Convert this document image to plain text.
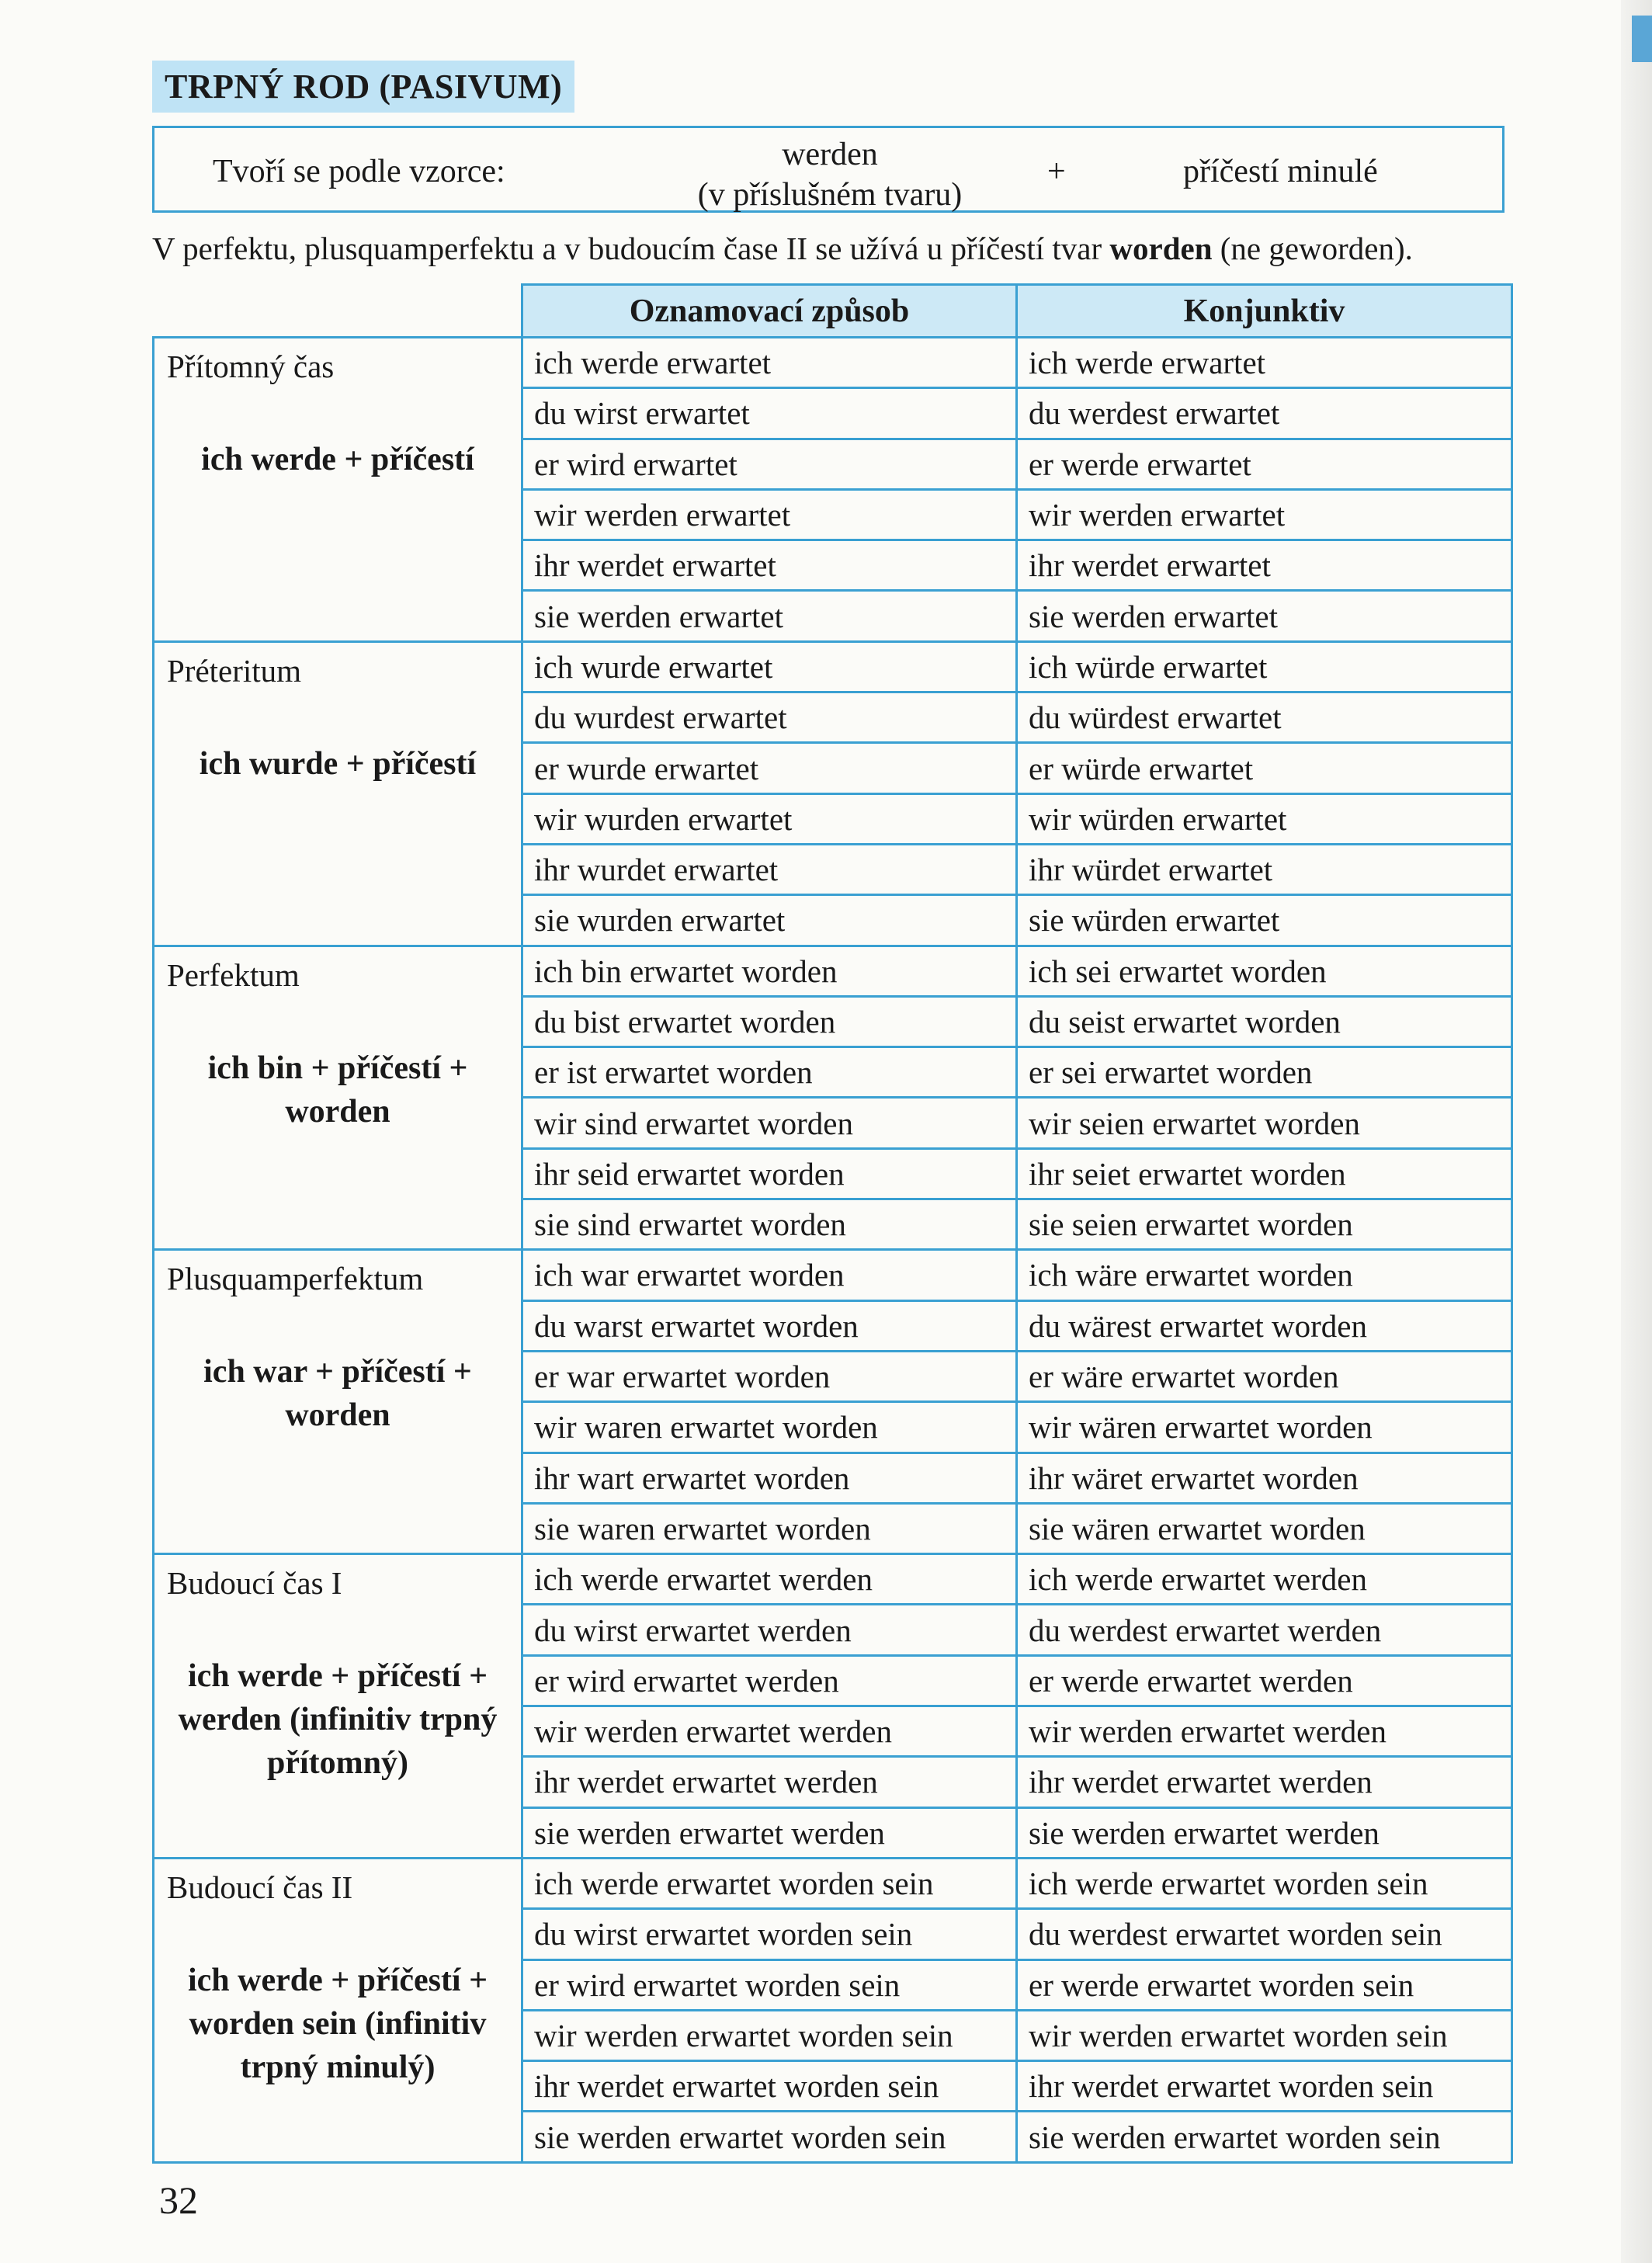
TRPNÝ ROD (PASIVUM)
Tvoří se podle vzorce:	werden
(v příslušném tvaru)
+	příčestí minulé
V perfektu, plusquamperfektu a v budoucím čase II se užívá u příčestí tvar worden (ne geworden).
	Oznamovací způsob	Konjunktiv

Přítomný čas
ich werde + příčestí	ich werde erwartet	ich werde erwartet
	du wirst erwartet	du werdest erwartet
	er wird erwartet	er werde erwartet
	wir werden erwartet	wir werden erwartet
	ihr werdet erwartet	ihr werdet erwartet
	sie werden erwartet	sie werden erwartet

Préteritum
ich wurde + příčestí	ich wurde erwartet	ich würde erwartet
	du wurdest erwartet	du würdest erwartet
	er wurde erwartet	er würde erwartet
	wir wurden erwartet	wir würden erwartet
	ihr wurdet erwartet	ihr würdet erwartet
	sie wurden erwartet	sie würden erwartet

Perfektum
ich bin + příčestí + worden	ich bin erwartet worden	ich sei erwartet worden
	du bist erwartet worden	du seist erwartet worden
	er ist erwartet worden	er sei erwartet worden
	wir sind erwartet worden	wir seien erwartet worden
	ihr seid erwartet worden	ihr seiet erwartet worden
	sie sind erwartet worden	sie seien erwartet worden

Plusquamperfektum
ich war + příčestí + worden	ich war erwartet worden	ich wäre erwartet worden
	du warst erwartet worden	du wärest erwartet worden
	er war erwartet worden	er wäre erwartet worden
	wir waren erwartet worden	wir wären erwartet worden
	ihr wart erwartet worden	ihr wäret erwartet worden
	sie waren erwartet worden	sie wären erwartet worden

Budoucí čas I
ich werde + příčestí + werden (infinitiv trpný přítomný)	ich werde erwartet werden	ich werde erwartet werden
	du wirst erwartet werden	du werdest erwartet werden
	er wird erwartet werden	er werde erwartet werden
	wir werden erwartet werden	wir werden erwartet werden
	ihr werdet erwartet werden	ihr werdet erwartet werden
	sie werden erwartet werden	sie werden erwartet werden

Budoucí čas II
ich werde + příčestí + worden sein (infinitiv trpný minulý)	ich werde erwartet worden sein	ich werde erwartet worden sein
	du wirst erwartet worden sein	du werdest erwartet worden sein
	er wird erwartet worden sein	er werde erwartet worden sein
	wir werden erwartet worden sein	wir werden erwartet worden sein
	ihr werdet erwartet worden sein	ihr werdet erwartet worden sein
	sie werden erwartet worden sein	sie werden erwartet worden sein
32
